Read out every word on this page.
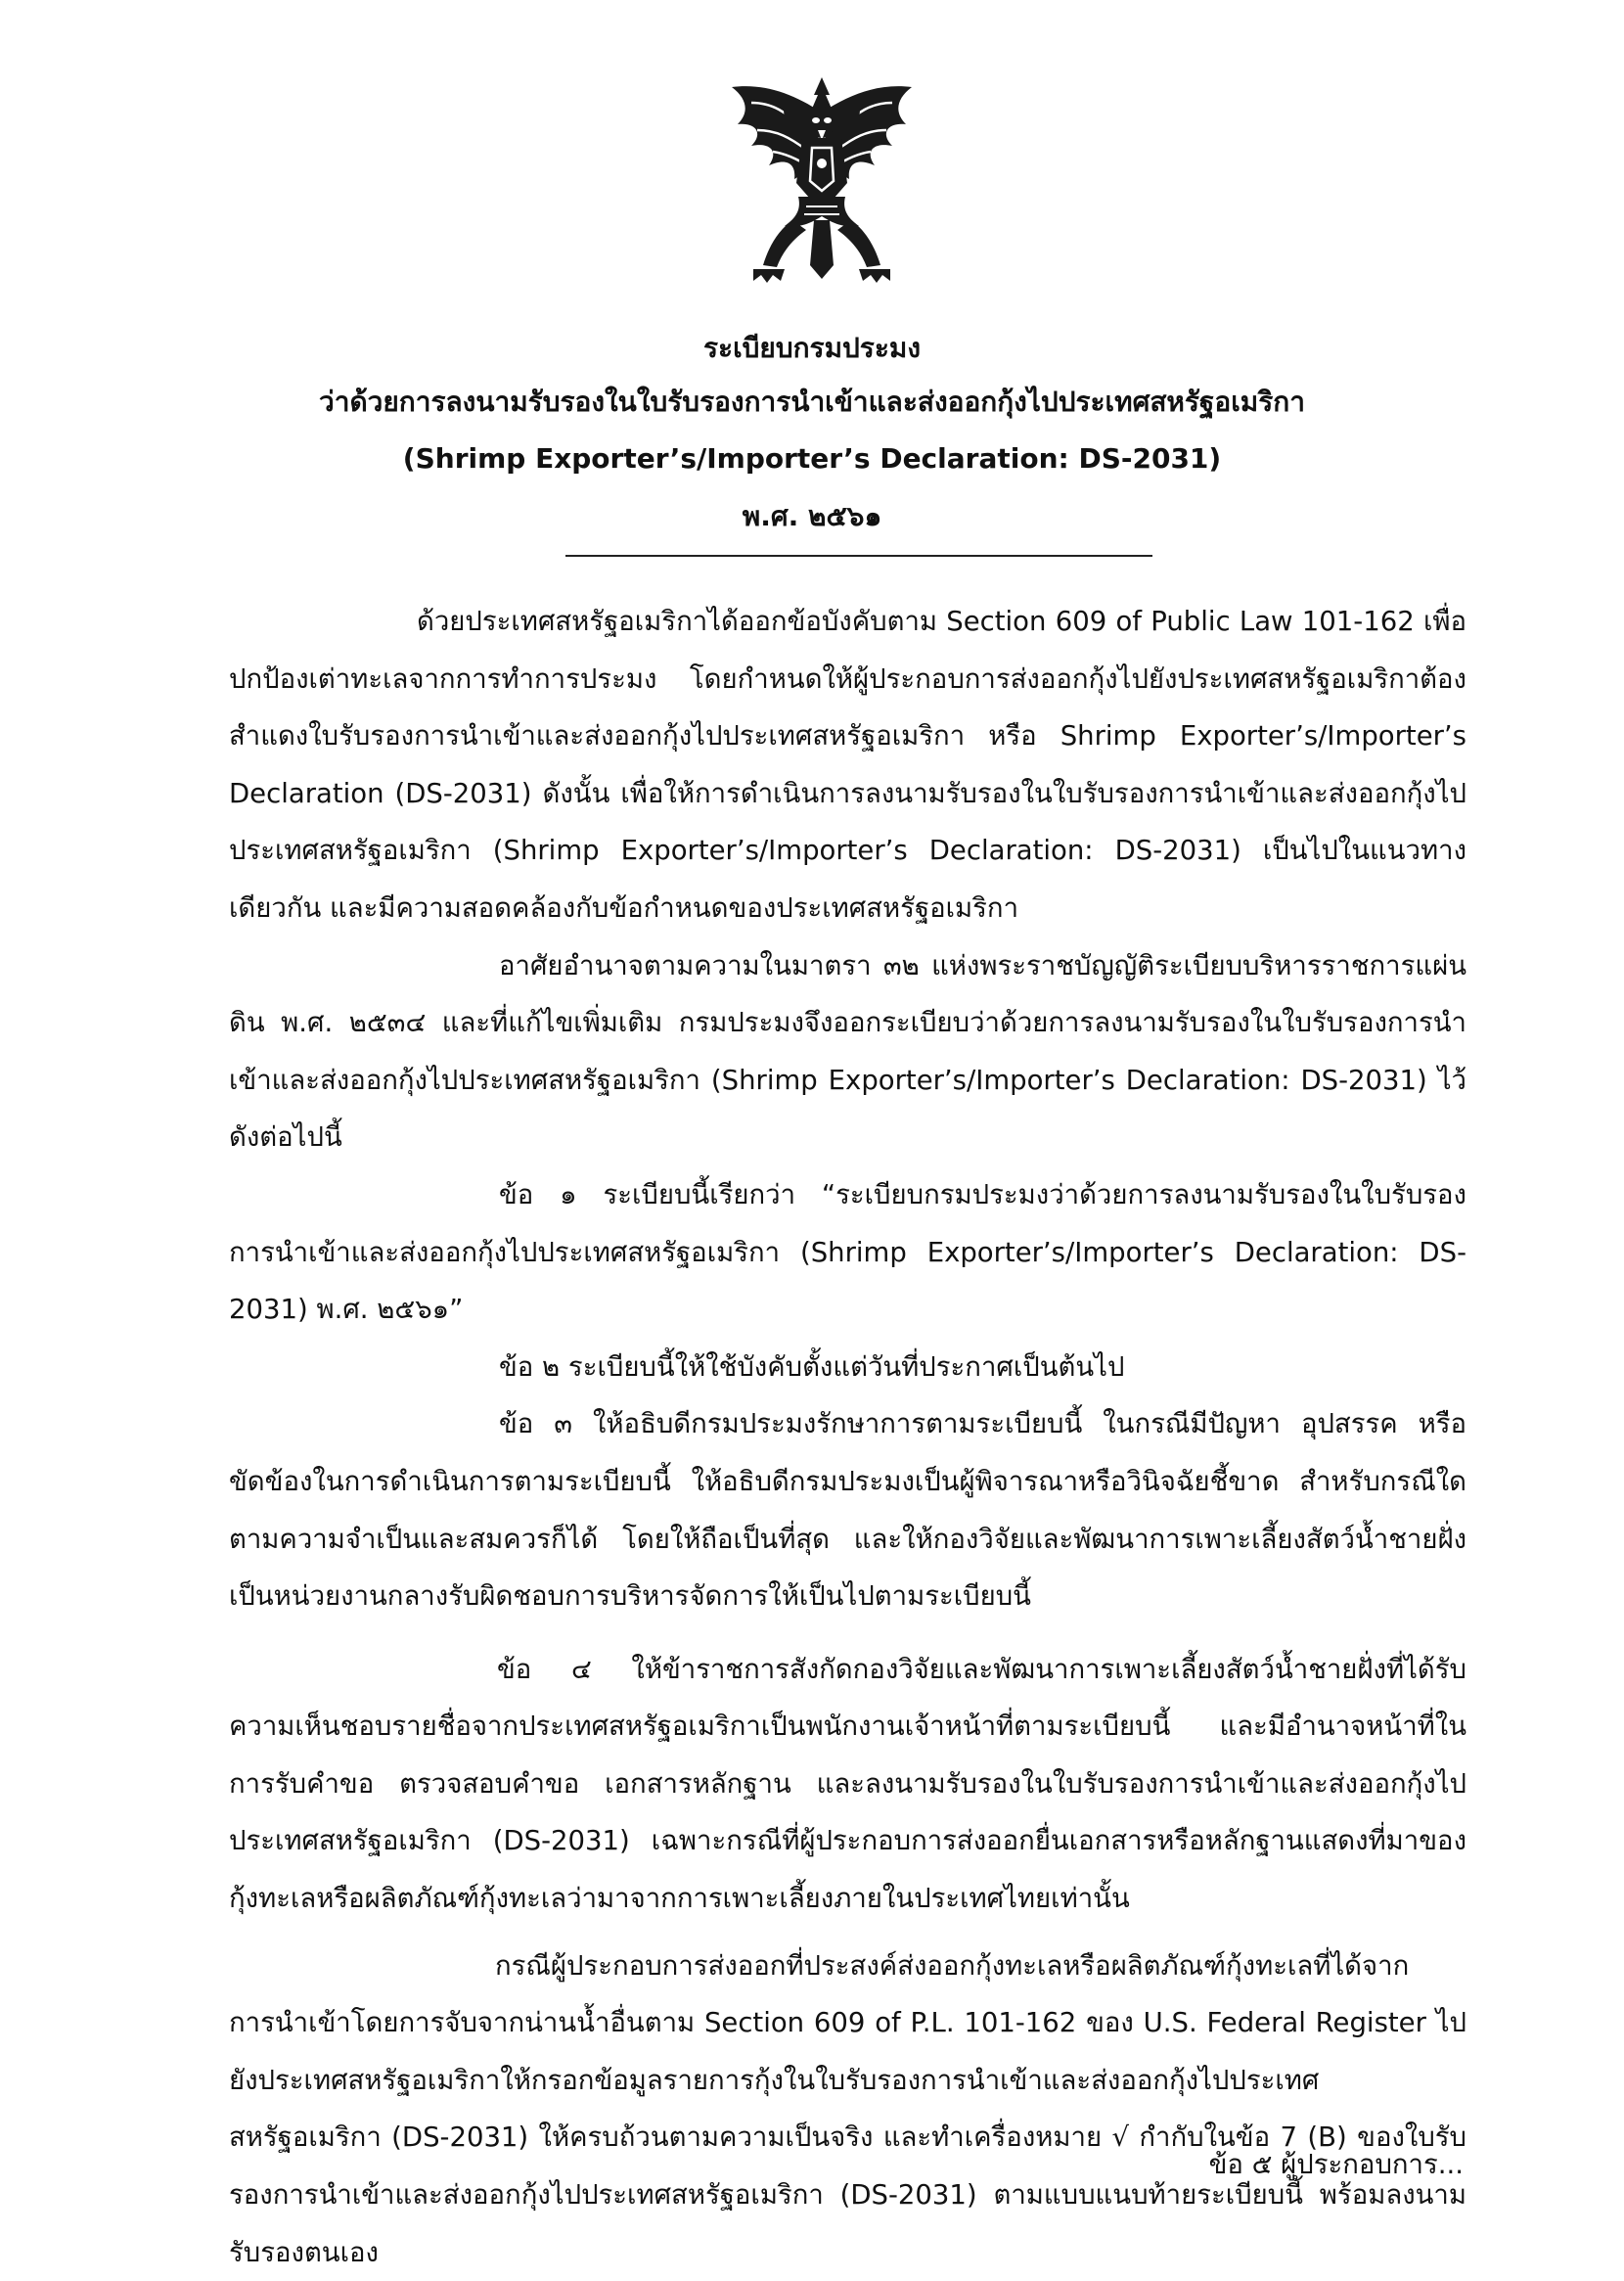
ระเบียบกรมประมง
ว่าด้วยการลงนามรับรองในใบรับรองการนำเข้าและส่งออกกุ้งไปประเทศสหรัฐอเมริกา
(Shrimp Exporter’s/Importer’s Declaration: DS-2031)
พ.ศ. ๒๕๖๑

ด้วยประเทศสหรัฐอเมริกาได้ออกข้อบังคับตาม Section 609 of Public Law 101-162 เพื่อปกป้องเต่าทะเลจากการทำการประมง โดยกำหนดให้ผู้ประกอบการส่งออกกุ้งไปยังประเทศสหรัฐอเมริกาต้องสำแดงใบรับรองการนำเข้าและส่งออกกุ้งไปประเทศสหรัฐอเมริกา หรือ Shrimp Exporter’s/Importer’s Declaration (DS-2031) ดังนั้น เพื่อให้การดำเนินการลงนามรับรองในใบรับรองการนำเข้าและส่งออกกุ้งไปประเทศสหรัฐอเมริกา (Shrimp Exporter’s/Importer’s Declaration: DS-2031) เป็นไปในแนวทางเดียวกัน และมีความสอดคล้องกับข้อกำหนดของประเทศสหรัฐอเมริกา

อาศัยอำนาจตามความในมาตรา ๓๒ แห่งพระราชบัญญัติระเบียบบริหารราชการแผ่นดิน พ.ศ. ๒๕๓๔ และที่แก้ไขเพิ่มเติม กรมประมงจึงออกระเบียบว่าด้วยการลงนามรับรองในใบรับรองการนำเข้าและส่งออกกุ้งไปประเทศสหรัฐอเมริกา (Shrimp Exporter’s/Importer’s Declaration: DS-2031) ไว้ดังต่อไปนี้

ข้อ ๑ ระเบียบนี้เรียกว่า “ระเบียบกรมประมงว่าด้วยการลงนามรับรองในใบรับรองการนำเข้าและส่งออกกุ้งไปประเทศสหรัฐอเมริกา (Shrimp Exporter’s/Importer’s Declaration: DS-2031) พ.ศ. ๒๕๖๑”

ข้อ ๒ ระเบียบนี้ให้ใช้บังคับตั้งแต่วันที่ประกาศเป็นต้นไป

ข้อ ๓ ให้อธิบดีกรมประมงรักษาการตามระเบียบนี้ ในกรณีมีปัญหา อุปสรรค หรือขัดข้องในการดำเนินการตามระเบียบนี้ ให้อธิบดีกรมประมงเป็นผู้พิจารณาหรือวินิจฉัยชี้ขาด สำหรับกรณีใดตามความจำเป็นและสมควรก็ได้ โดยให้ถือเป็นที่สุด และให้กองวิจัยและพัฒนาการเพาะเลี้ยงสัตว์น้ำชายฝั่ง เป็นหน่วยงานกลางรับผิดชอบการบริหารจัดการให้เป็นไปตามระเบียบนี้

ข้อ ๔ ให้ข้าราชการสังกัดกองวิจัยและพัฒนาการเพาะเลี้ยงสัตว์น้ำชายฝั่งที่ได้รับความเห็นชอบรายชื่อจากประเทศสหรัฐอเมริกาเป็นพนักงานเจ้าหน้าที่ตามระเบียบนี้ และมีอำนาจหน้าที่ในการรับคำขอ ตรวจสอบคำขอ เอกสารหลักฐาน และลงนามรับรองในใบรับรองการนำเข้าและส่งออกกุ้งไปประเทศสหรัฐอเมริกา (DS-2031) เฉพาะกรณีที่ผู้ประกอบการส่งออกยื่นเอกสารหรือหลักฐานแสดงที่มาของกุ้งทะเลหรือผลิตภัณฑ์กุ้งทะเลว่ามาจากการเพาะเลี้ยงภายในประเทศไทยเท่านั้น

กรณีผู้ประกอบการส่งออกที่ประสงค์ส่งออกกุ้งทะเลหรือผลิตภัณฑ์กุ้งทะเลที่ได้จากการนำเข้าโดยการจับจากน่านน้ำอื่นตาม Section 609 of P.L. 101-162 ของ U.S. Federal Register ไปยังประเทศสหรัฐอเมริกาให้กรอกข้อมูลรายการกุ้งในใบรับรองการนำเข้าและส่งออกกุ้งไปประเทศสหรัฐอเมริกา (DS-2031) ให้ครบถ้วนตามความเป็นจริง และทำเครื่องหมาย √ กำกับในข้อ 7 (B) ของใบรับรองการนำเข้าและส่งออกกุ้งไปประเทศสหรัฐอเมริกา (DS-2031) ตามแบบแนบท้ายระเบียบนี้ พร้อมลงนามรับรองตนเอง

ข้อ ๕ ผู้ประกอบการ...
